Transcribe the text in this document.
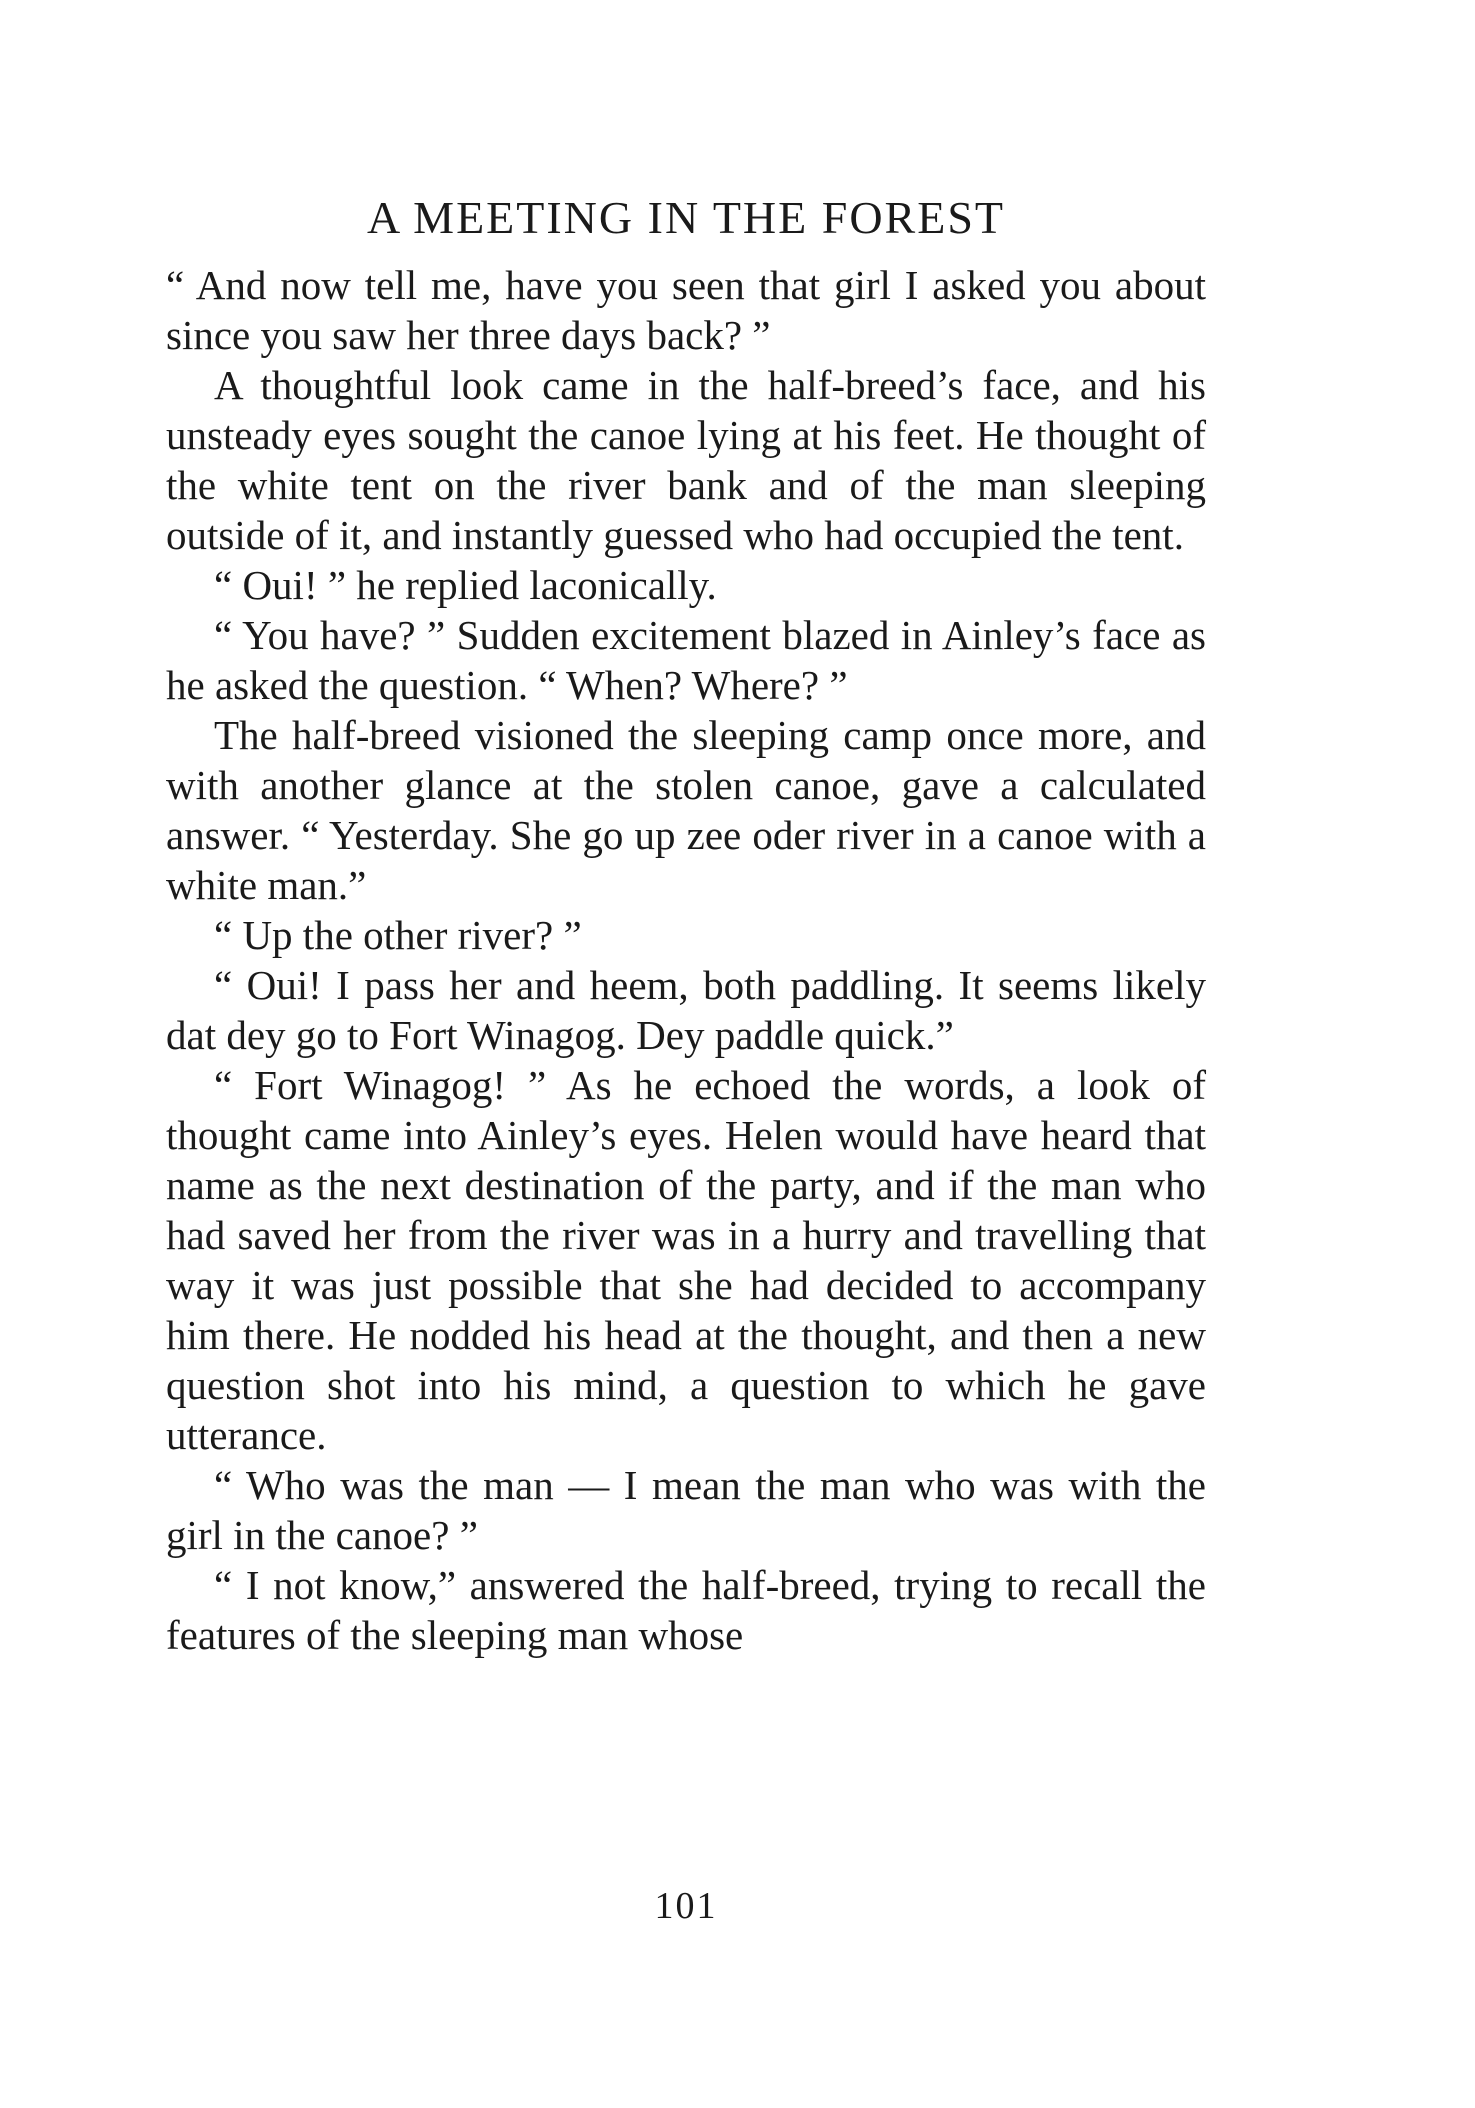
A MEETING IN THE FOREST

“ And now tell me, have you seen that girl I asked you about since you saw her three days back? ”

A thoughtful look came in the half-breed’s face, and his unsteady eyes sought the canoe lying at his feet. He thought of the white tent on the river bank and of the man sleeping outside of it, and instantly guessed who had occupied the tent.

“ Oui! ” he replied laconically.

“ You have? ” Sudden excitement blazed in Ainley’s face as he asked the question. “ When? Where? ”

The half-breed visioned the sleeping camp once more, and with another glance at the stolen canoe, gave a calculated answer. “ Yesterday. She go up zee oder river in a canoe with a white man.”

“ Up the other river? ”

“ Oui! I pass her and heem, both paddling. It seems likely dat dey go to Fort Winagog. Dey paddle quick.”

“ Fort Winagog! ” As he echoed the words, a look of thought came into Ainley’s eyes. Helen would have heard that name as the next destination of the party, and if the man who had saved her from the river was in a hurry and travelling that way it was just possible that she had decided to accompany him there. He nodded his head at the thought, and then a new question shot into his mind, a question to which he gave utterance.

“ Who was the man — I mean the man who was with the girl in the canoe? ”

“ I not know,” answered the half-breed, trying to recall the features of the sleeping man whose

101
